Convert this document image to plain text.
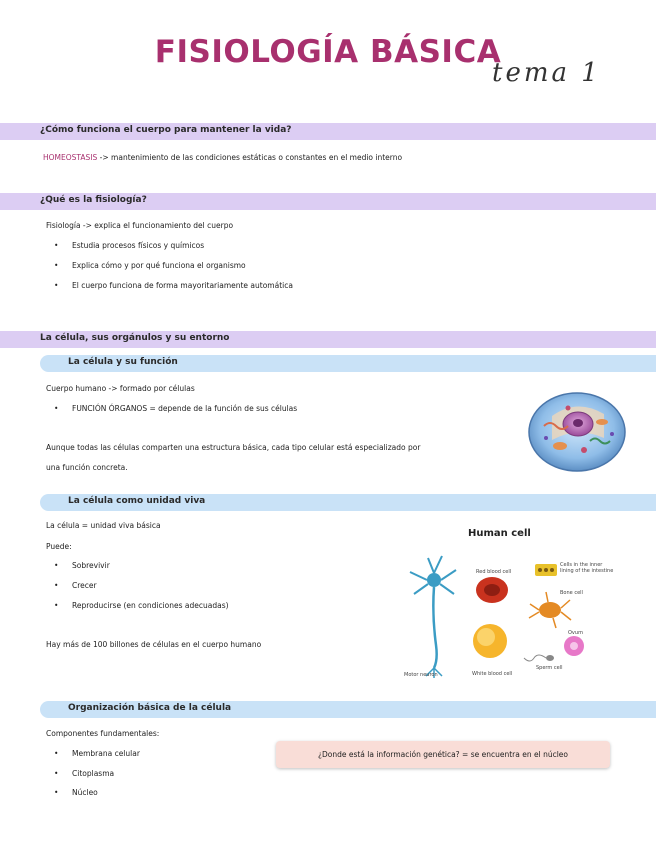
FISIOLOGÍA BÁSICA
tema 1
¿Cómo funciona el cuerpo para mantener la vida?
HOMEOSTASIS -> mantenimiento de las condiciones estáticas o constantes en el medio interno
¿Qué es la fisiología?
Fisiología -> explica el funcionamiento del cuerpo
• Estudia procesos físicos y químicos
• Explica cómo y por qué funciona el organismo
• El cuerpo funciona de forma mayoritariamente automática
La célula, sus orgánulos y su entorno
La célula y su función
Cuerpo humano -> formado por células
• FUNCIÓN ÓRGANOS = depende de la función de sus células
Aunque todas las células comparten una estructura básica, cada tipo celular está especializado por
una función concreta.
La célula como unidad viva
La célula = unidad viva básica
Puede:
• Sobrevivir
• Crecer
• Reproducirse (en condiciones adecuadas)
Hay más de 100 billones de células en el cuerpo humano
Human cell
Motor neuron
Red blood cell
Cells in the inner lining of the intestine
Bone cell
White blood cell
Ovum
Sperm cell
Organización básica de la célula
Componentes fundamentales:
• Membrana celular
• Citoplasma
• Núcleo
¿Donde está la información genética? = se encuentra en el núcleo
